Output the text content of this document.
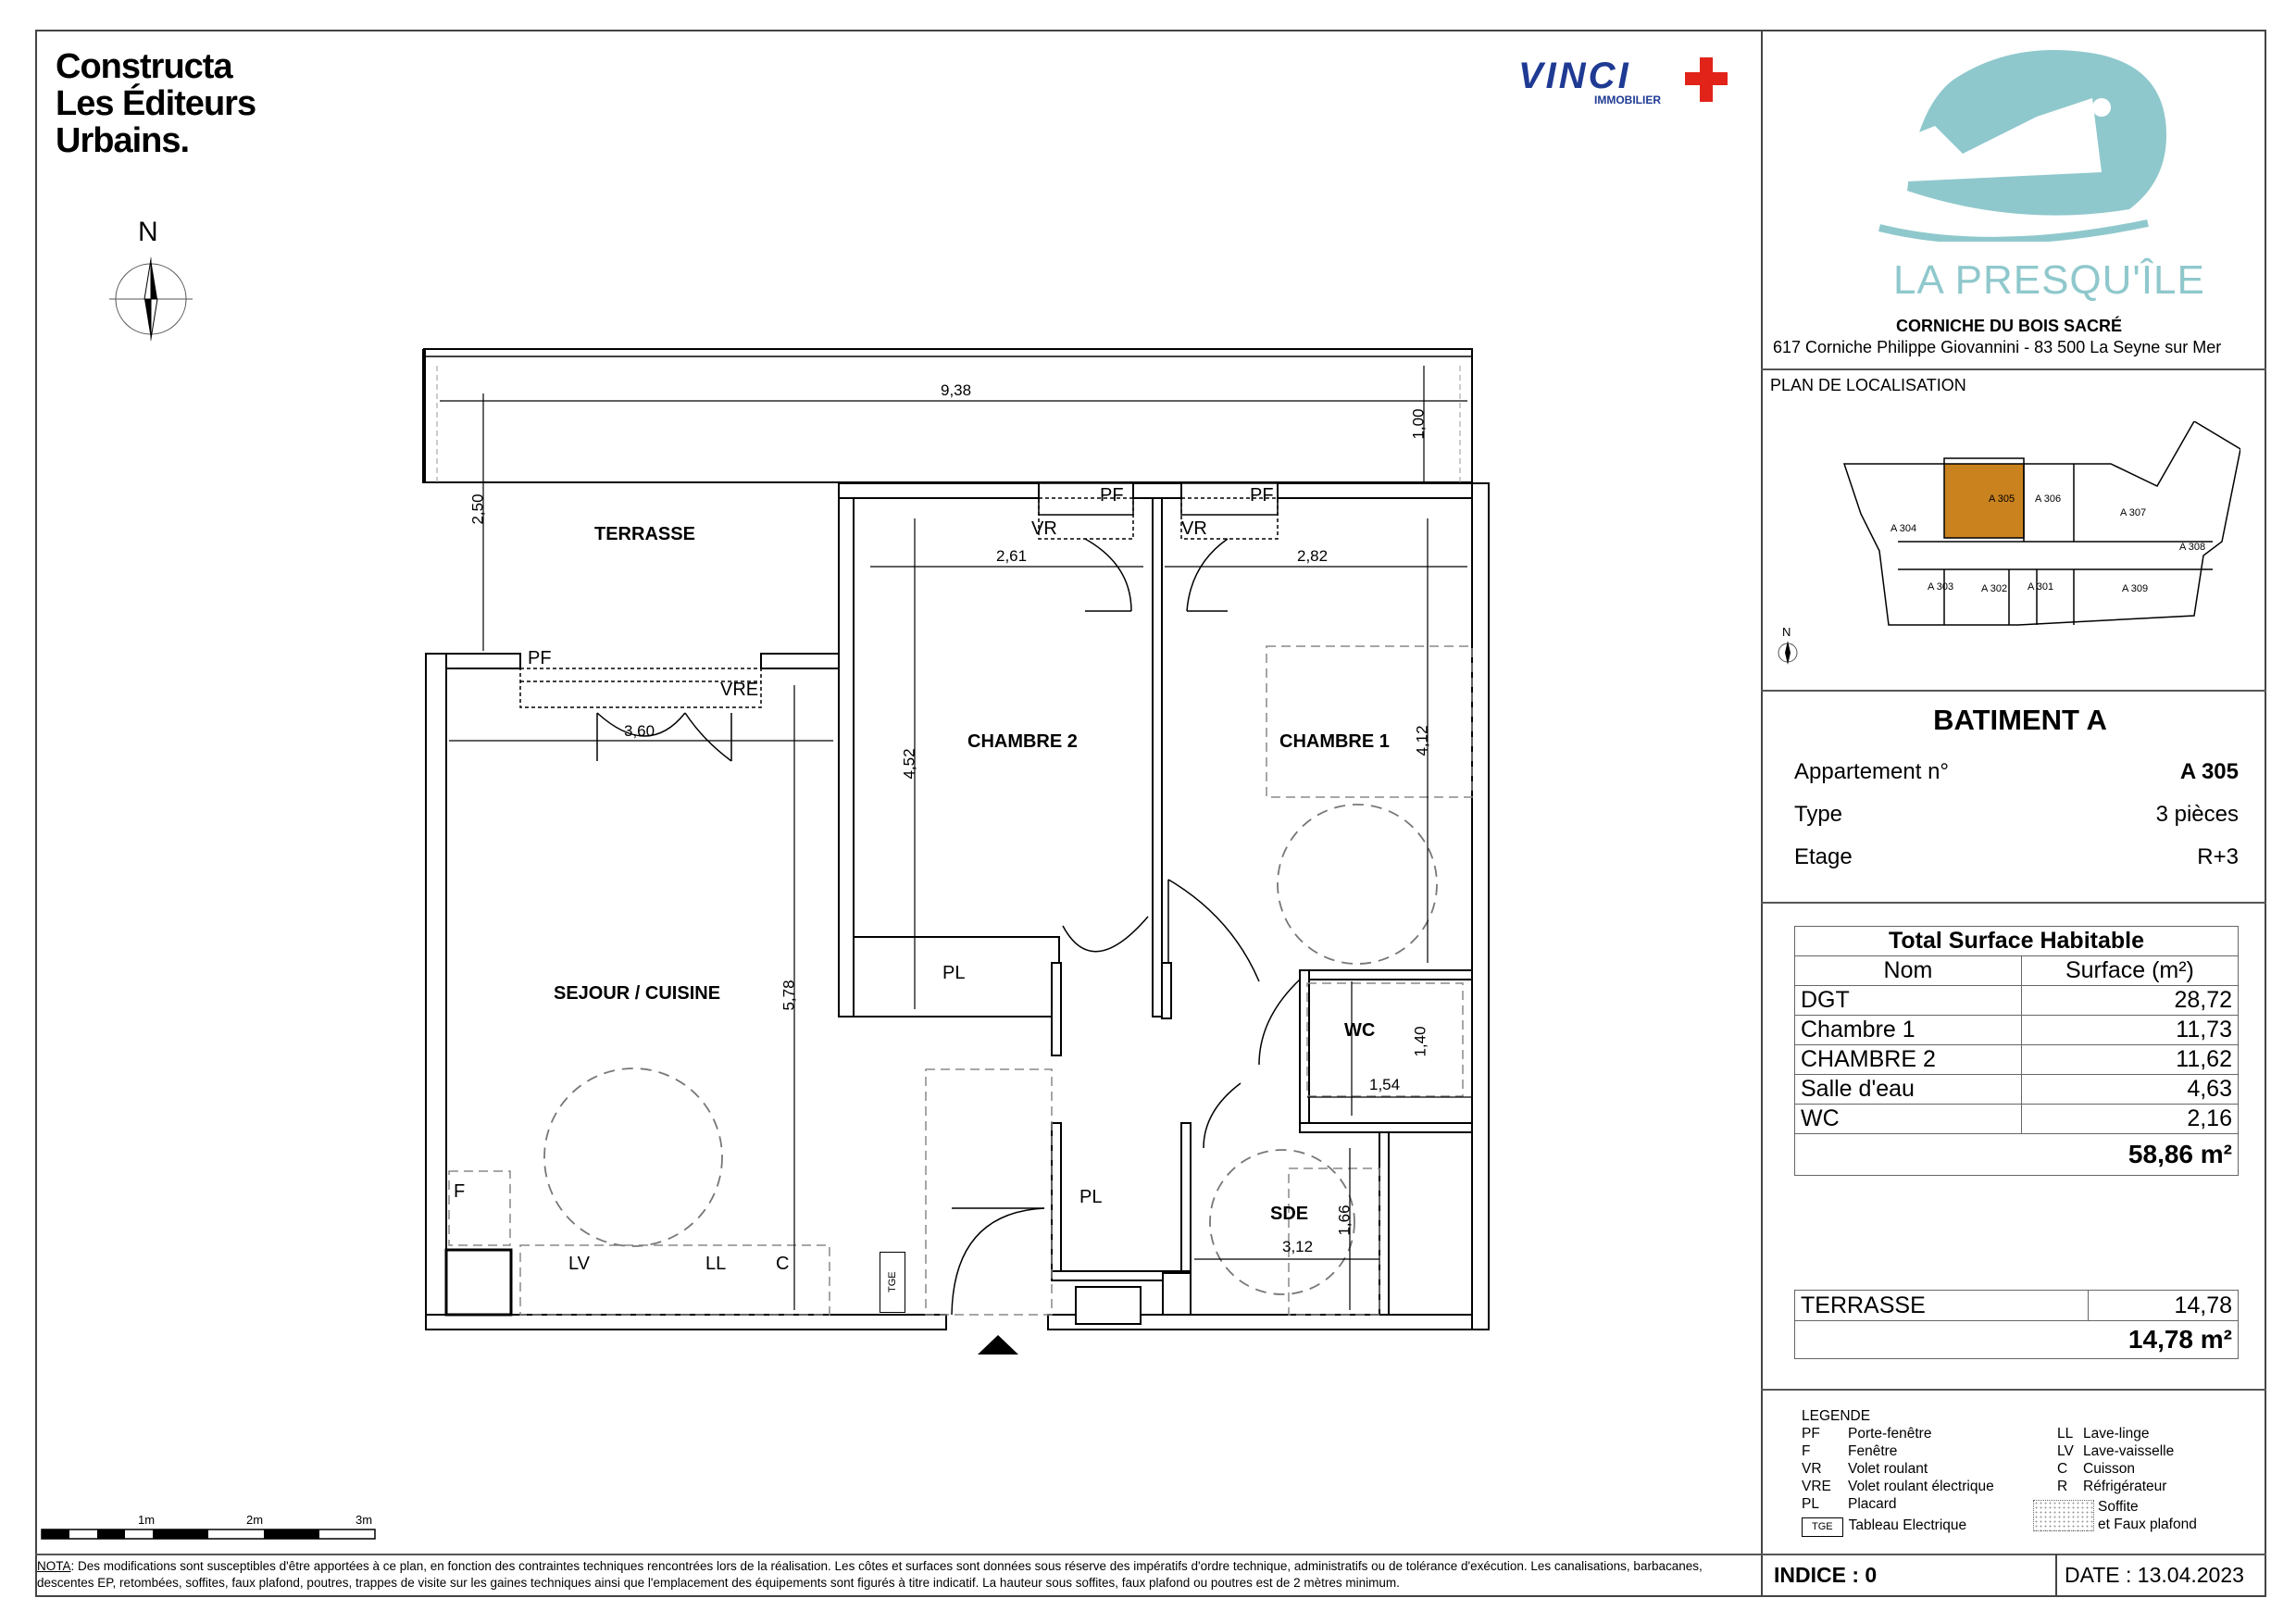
Constructa
Les Éditeurs
Urbains.
VINCI
IMMOBILIER
N
TERRASSE
CHAMBRE 2	CHAMBRE 1
SEJOUR / CUISINE
WC
SDE
9,38
1,00
2,50
2,61	2,82
3,60
4,52
4,12
5,78
1,40
1,54
1,66
3,12
PF
PF	PF
VR	VR
VRE
PL
PL
F
LV	LL	C
TGE
1m	2m	3m
LA PRESQU'ÎLE
CORNICHE DU BOIS SACRÉ
617 Corniche Philippe Giovannini - 83 500 La Seyne sur Mer
PLAN DE LOCALISATION
A 305 A 306
A 307
A 304
A 308
A 303	A 302 A 301	A 309
N
BATIMENT A
Appartement n°	A 305
Type	3 pièces
Etage	R+3
Total Surface Habitable	
Nom	Surface (m²)
DGT	28,72
Chambre 1	11,73
CHAMBRE 2	11,62
Salle d'eau	4,63
WC	2,16
58,86 m²	
TERRASSE	14,78
14,78 m²
LEGENDE
PF Porte-fenêtre
F	Fenêtre
VR Volet roulant
VRE Volet roulant électrique
PL Placard
TGE Tableau Electrique
LL Lave-linge
LV Lave-vaisselle
C Cuisson
R Réfrigérateur
Soffite
et Faux plafond
NOTA: Des modifications sont susceptibles d'être apportées à ce plan, en fonction des contraintes techniques rencontrées lors de la réalisation. Les côtes et surfaces sont données sous réserve des impératifs d'ordre technique, administratifs ou de tolérance d'exécution. Les canalisations, barbacanes, descentes EP, retombées, soffites, faux plafond, poutres, trappes de visite sur les gaines techniques ainsi que l'emplacement des équipements sont figurés à titre indicatif. La hauteur sous soffites, faux plafond ou poutres est de 2 mètres minimum.	INDICE : 0	DATE : 13.04.2023
